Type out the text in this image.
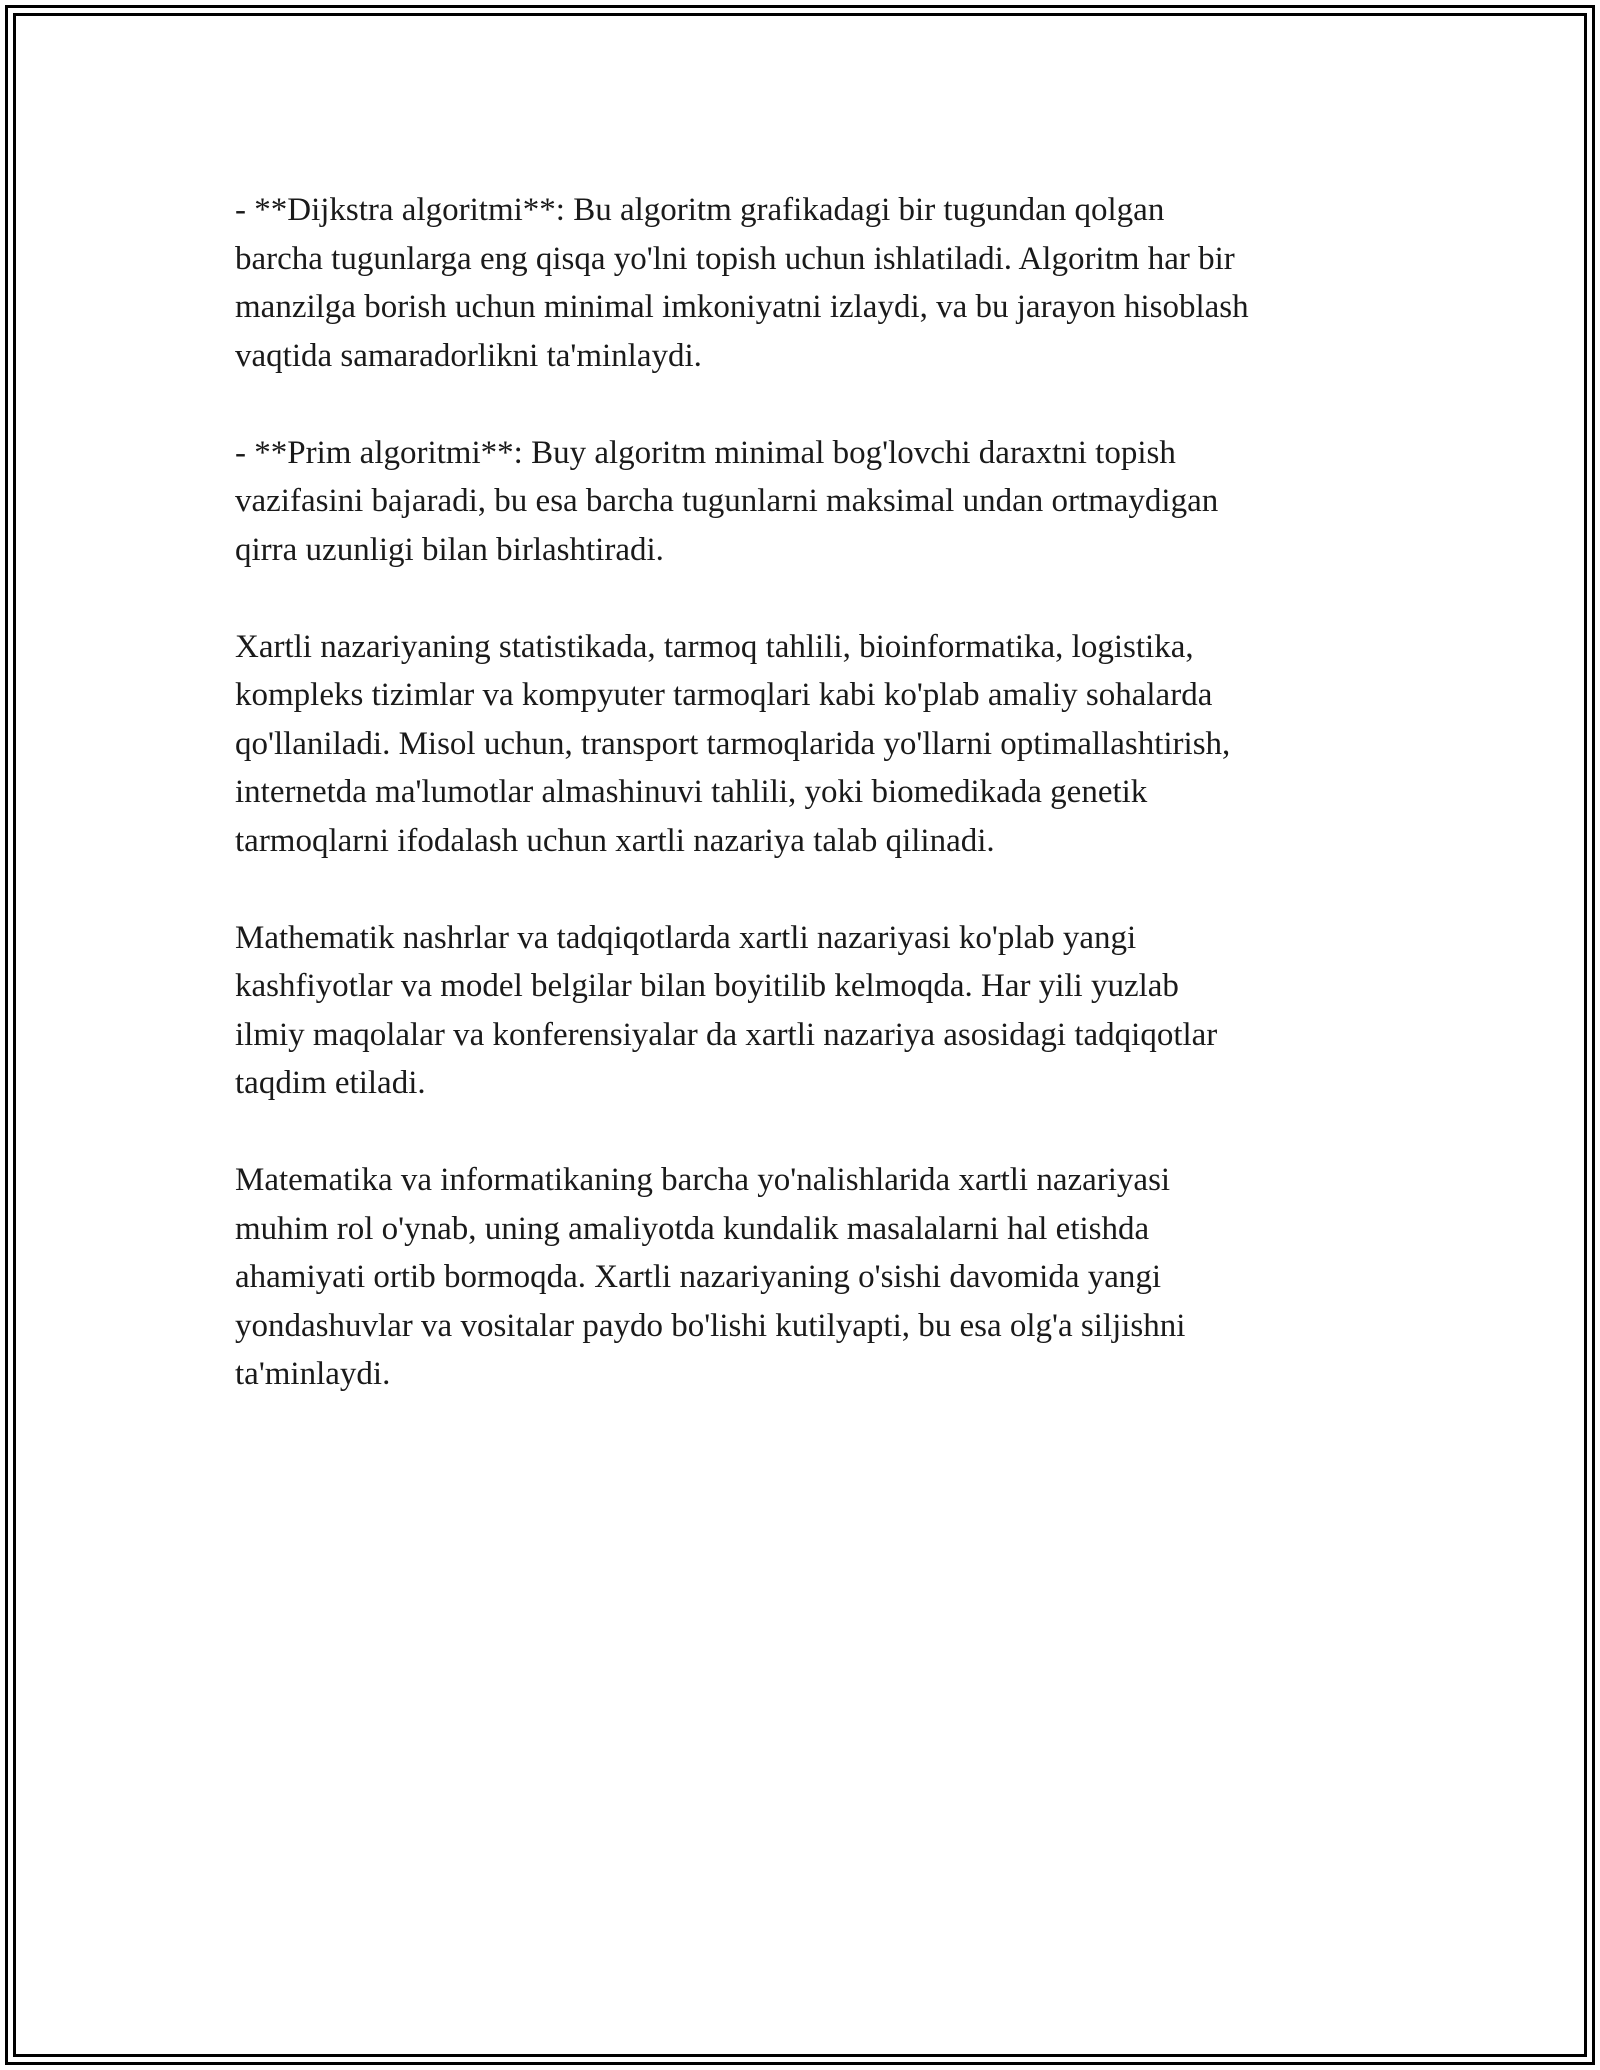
- **Dijkstra algoritmi**: Bu algoritm grafikadagi bir tugundan qolgan
barcha tugunlarga eng qisqa yo'lni topish uchun ishlatiladi. Algoritm har bir
manzilga borish uchun minimal imkoniyatni izlaydi, va bu jarayon hisoblash
vaqtida samaradorlikni ta'minlaydi.

- **Prim algoritmi**: Buy algoritm minimal bog'lovchi daraxtni topish
vazifasini bajaradi, bu esa barcha tugunlarni maksimal undan ortmaydigan
qirra uzunligi bilan birlashtiradi.

Xartli nazariyaning statistikada, tarmoq tahlili, bioinformatika, logistika,
kompleks tizimlar va kompyuter tarmoqlari kabi ko'plab amaliy sohalarda
qo'llaniladi. Misol uchun, transport tarmoqlarida yo'llarni optimallashtirish,
internetda ma'lumotlar almashinuvi tahlili, yoki biomedikada genetik
tarmoqlarni ifodalash uchun xartli nazariya talab qilinadi.

Mathematik nashrlar va tadqiqotlarda xartli nazariyasi ko'plab yangi
kashfiyotlar va model belgilar bilan boyitilib kelmoqda. Har yili yuzlab
ilmiy maqolalar va konferensiyalar da xartli nazariya asosidagi tadqiqotlar
taqdim etiladi.

Matematika va informatikaning barcha yo'nalishlarida xartli nazariyasi
muhim rol o'ynab, uning amaliyotda kundalik masalalarni hal etishda
ahamiyati ortib bormoqda. Xartli nazariyaning o'sishi davomida yangi
yondashuvlar va vositalar paydo bo'lishi kutilyapti, bu esa olg'a siljishni
ta'minlaydi.
